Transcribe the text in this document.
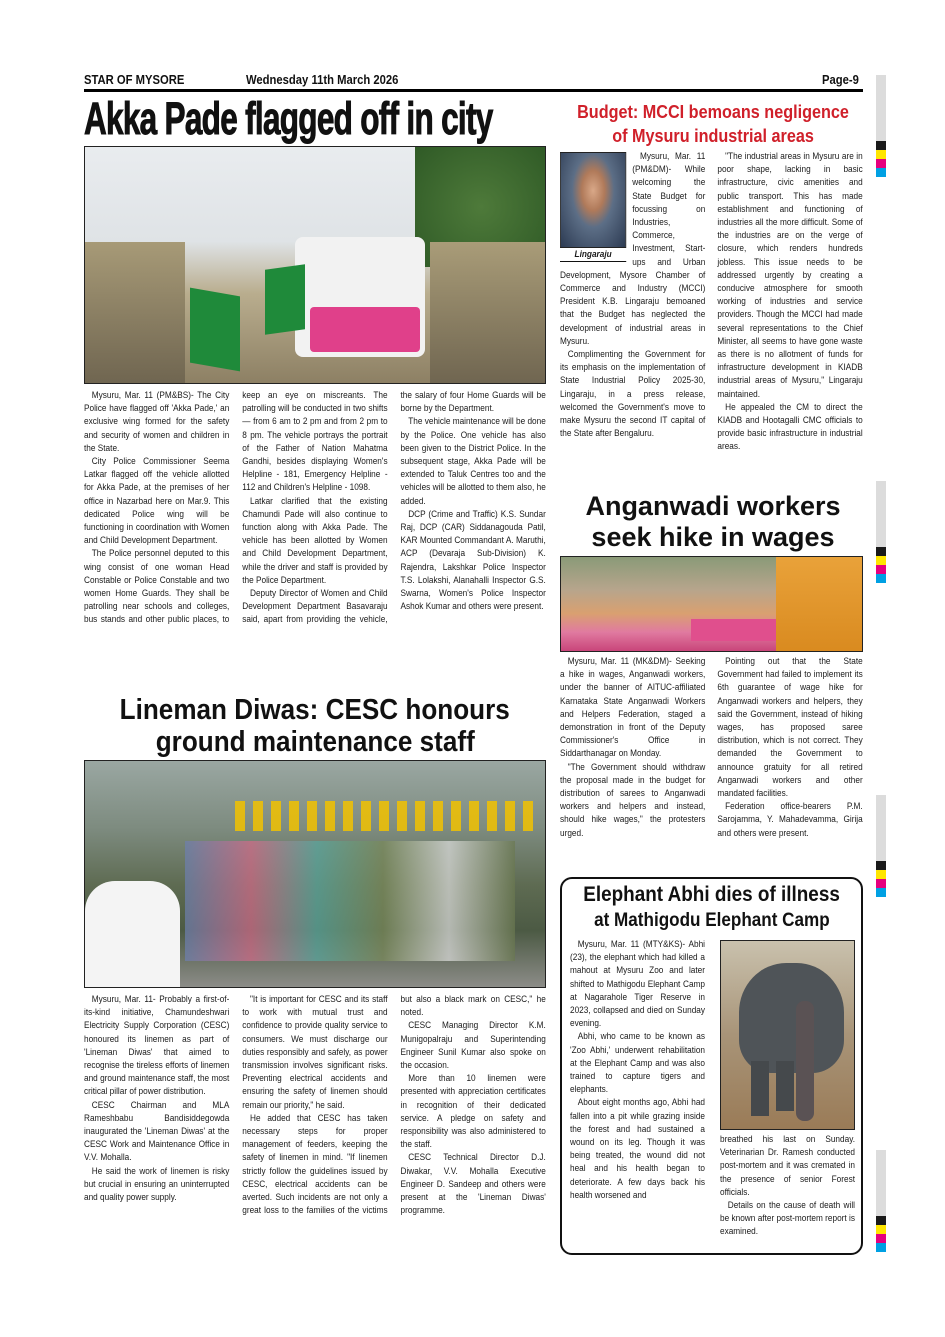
STAR OF MYSORE	Wednesday 11th March 2026	Page-9
Akka Pade flagged off in city

Mysuru, Mar. 11 (PM&BS)- The City Police have flagged off 'Akka Pade,' an exclusive wing formed for the safety and security of women and children in the State.

City Police Commissioner Seema Latkar flagged off the vehicle allotted for Akka Pade, at the premises of her office in Nazarbad here on Mar.9. This dedicated Police wing will be functioning in coordination with Women and Child Development Department.

The Police personnel deputed to this wing consist of one woman Head Constable or Police Constable and two women Home Guards. They shall be patrolling near schools and colleges, bus stands and other public places, to keep an eye on miscreants. The patrolling will be conducted in two shifts — from 6 am to 2 pm and from 2 pm to 8 pm. The vehicle portrays the portrait of the Father of Nation Mahatma Gandhi, besides displaying Women's Helpline - 181, Emergency Helpline - 112 and Children's Helpline - 1098.

Latkar clarified that the existing Chamundi Pade will also continue to function along with Akka Pade. The vehicle has been allotted by Women and Child Development Department, while the driver and staff is provided by the Police Department.

Deputy Director of Women and Child Development Department Basavaraju said, apart from providing the vehicle, the salary of four Home Guards will be borne by the Department.

The vehicle maintenance will be done by the Police. One vehicle has also been given to the District Police. In the subsequent stage, Akka Pade will be extended to Taluk Centres too and the vehicles will be allotted to them also, he added.

DCP (Crime and Traffic) K.S. Sundar Raj, DCP (CAR) Siddanagouda Patil, KAR Mounted Commandant A. Maruthi, ACP (Devaraja Sub-Division) K. Rajendra, Lakshkar Police Inspector T.S. Lolakshi, Alanahalli Inspector G.S. Swarna, Women's Police Inspector Ashok Kumar and others were present.

Budget: MCCI bemoans negligence
of Mysuru industrial areas
Lingaraju

Mysuru, Mar. 11 (PM&DM)- While welcoming the State Budget for focussing on Industries, Commerce, Investment, Start-ups and Urban Development, Mysore Chamber of Commerce and Industry (MCCI) President K.B. Lingaraju bemoaned that the Budget has neglected the development of industrial areas in Mysuru.

Complimenting the Government for its emphasis on the implementation of State Industrial Policy 2025-30, Lingaraju, in a press release, welcomed the Government's move to make Mysuru the second IT capital of the State after Bengaluru.

"The industrial areas in Mysuru are in poor shape, lacking in basic infrastructure, civic amenities and public transport. This has made establishment and functioning of industries all the more difficult. Some of the industries are on the verge of closure, which renders hundreds jobless. This issue needs to be addressed urgently by creating a conducive atmosphere for smooth working of industries and service providers. Though the MCCI had made several representations to the Chief Minister, all seems to have gone waste as there is no allotment of funds for infrastructure development in KIADB industrial areas of Mysuru," Lingaraju maintained.

He appealed the CM to direct the KIADB and Hootagalli CMC officials to provide basic infrastructure in industrial areas.

Anganwadi workers
seek hike in wages

Mysuru, Mar. 11 (MK&DM)- Seeking a hike in wages, Anganwadi workers, under the banner of AITUC-affiliated Karnataka State Anganwadi Workers and Helpers Federation, staged a demonstration in front of the Deputy Commissioner's Office in Siddarthanagar on Monday.

"The Government should withdraw the proposal made in the budget for distribution of sarees to Anganwadi workers and helpers and instead, should hike wages," the protesters urged.

Pointing out that the State Government had failed to implement its 6th guarantee of wage hike for Anganwadi workers and helpers, they said the Government, instead of hiking wages, has proposed saree distribution, which is not correct. They demanded the Government to announce gratuity for all retired Anganwadi workers and other mandated facilities.

Federation office-bearers P.M. Sarojamma, Y. Mahadevamma, Girija and others were present.

Lineman Diwas: CESC honours
ground maintenance staff

Mysuru, Mar. 11- Probably a first-of-its-kind initiative, Chamundeshwari Electricity Supply Corporation (CESC) honoured its linemen as part of 'Lineman Diwas' that aimed to recognise the tireless efforts of linemen and ground maintenance staff, the most critical pillar of power distribution.

CESC Chairman and MLA Rameshbabu Bandisiddegowda inaugurated the 'Lineman Diwas' at the CESC Work and Maintenance Office in V.V. Mohalla.

He said the work of linemen is risky but crucial in ensuring an uninterrupted and quality power supply.

"It is important for CESC and its staff to work with mutual trust and confidence to provide quality service to consumers. We must discharge our duties responsibly and safely, as power transmission involves significant risks. Preventing electrical accidents and ensuring the safety of linemen should remain our priority," he said.

He added that CESC has taken necessary steps for proper management of feeders, keeping the safety of linemen in mind. "If linemen strictly follow the guidelines issued by CESC, electrical accidents can be averted. Such incidents are not only a great loss to the families of the victims but also a black mark on CESC," he noted.

CESC Managing Director K.M. Munigopalraju and Superintending Engineer Sunil Kumar also spoke on the occasion.

More than 10 linemen were presented with appreciation certificates in recognition of their dedicated service. A pledge on safety and responsibility was also administered to the staff.

CESC Technical Director D.J. Diwakar, V.V. Mohalla Executive Engineer D. Sandeep and others were present at the 'Lineman Diwas' programme.

Elephant Abhi dies of illness
at Mathigodu Elephant Camp

Mysuru, Mar. 11 (MTY&KS)- Abhi (23), the elephant which had killed a mahout at Mysuru Zoo and later shifted to Mathigodu Elephant Camp at Nagarahole Tiger Reserve in 2023, collapsed and died on Sunday evening.

Abhi, who came to be known as 'Zoo Abhi,' underwent rehabilitation at the Elephant Camp and was also trained to capture tigers and elephants.

About eight months ago, Abhi had fallen into a pit while grazing inside the forest and had sustained a wound on its leg. Though it was being treated, the wound did not heal and his health began to deteriorate. A few days back his health worsened and

breathed his last on Sunday. Veterinarian Dr. Ramesh conducted post-mortem and it was cremated in the presence of senior Forest officials.

Details on the cause of death will be known after post-mortem report is examined.
